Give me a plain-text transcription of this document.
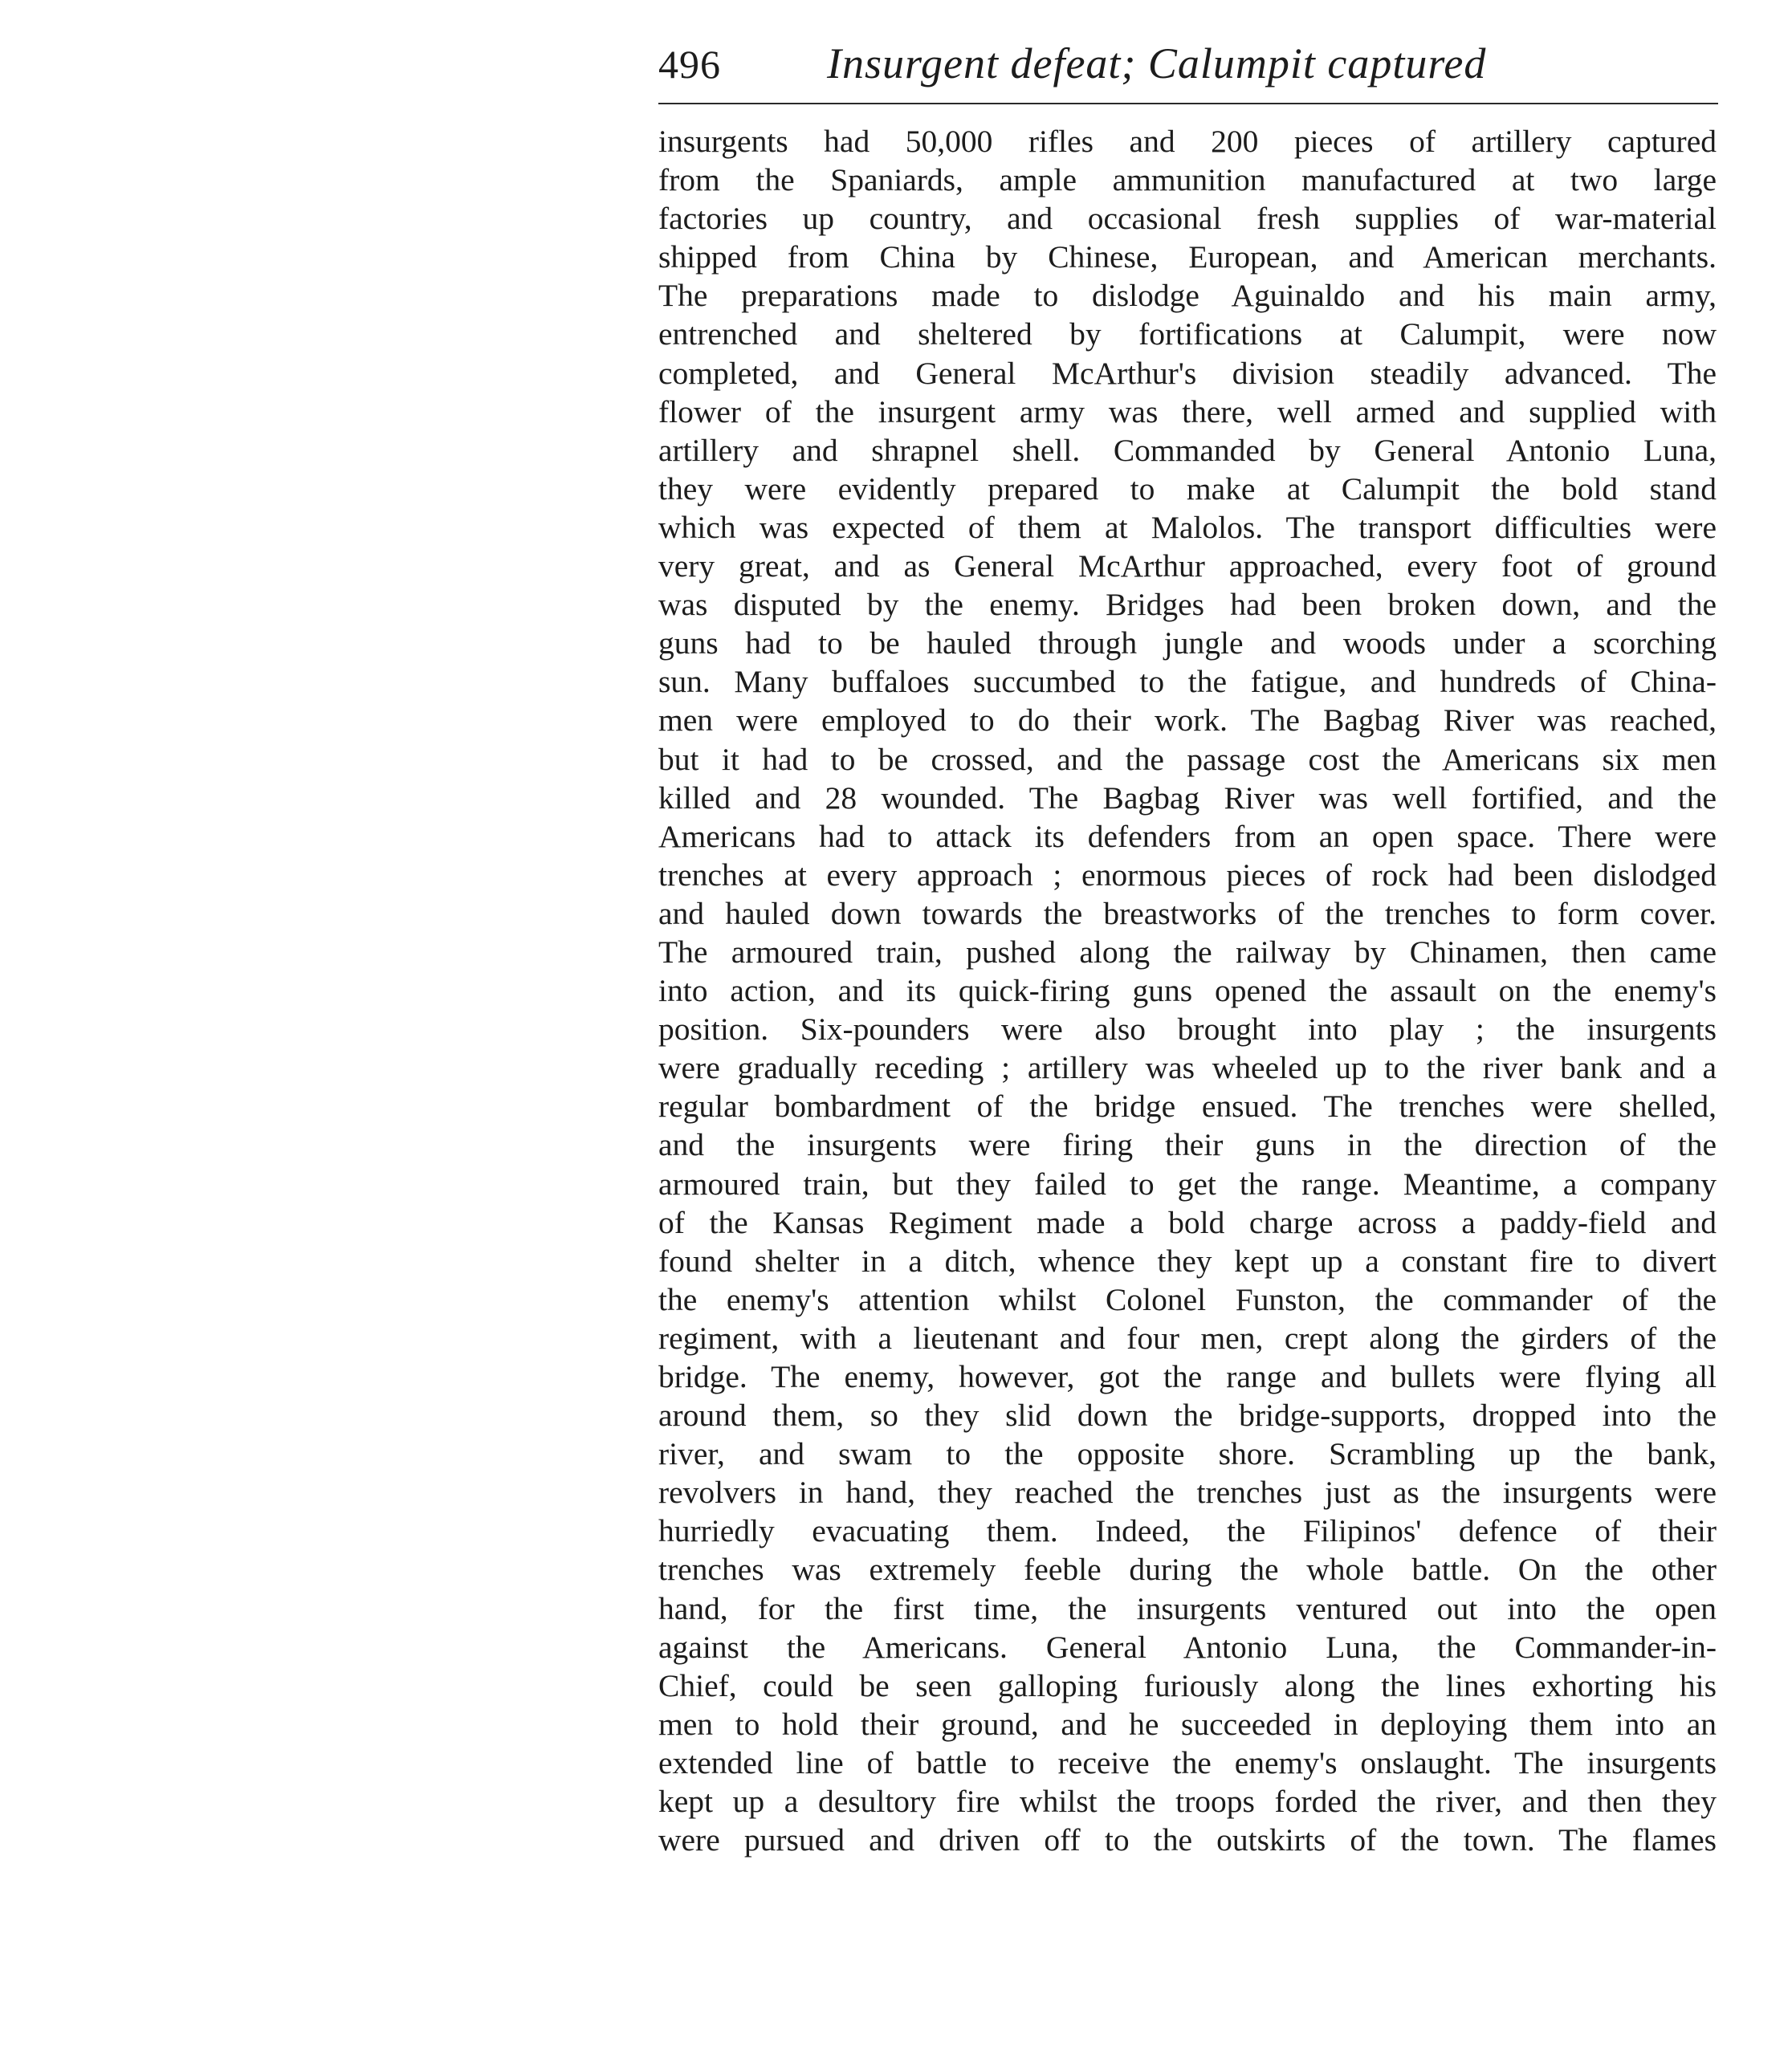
496	Insurgent defeat; Calumpit captured
insurgents had 50,000 rifles and 200 pieces of artillery captured
from the Spaniards, ample ammunition manufactured at two large
factories up country, and occasional fresh supplies of war-material
shipped from China by Chinese, European, and American merchants.
The preparations made to dislodge Aguinaldo and his main army,
entrenched and sheltered by fortifications at Calumpit, were now
completed, and General McArthur's division steadily advanced. The
flower of the insurgent army was there, well armed and supplied with
artillery and shrapnel shell. Commanded by General Antonio Luna,
they were evidently prepared to make at Calumpit the bold stand
which was expected of them at Malolos. The transport difficulties were
very great, and as General McArthur approached, every foot of ground
was disputed by the enemy. Bridges had been broken down, and the
guns had to be hauled through jungle and woods under a scorching
sun. Many buffaloes succumbed to the fatigue, and hundreds of China-
men were employed to do their work. The Bagbag River was reached,
but it had to be crossed, and the passage cost the Americans six men
killed and 28 wounded. The Bagbag River was well fortified, and the
Americans had to attack its defenders from an open space. There were
trenches at every approach ; enormous pieces of rock had been dislodged
and hauled down towards the breastworks of the trenches to form cover.
The armoured train, pushed along the railway by Chinamen, then came
into action, and its quick-firing guns opened the assault on the enemy's
position. Six-pounders were also brought into play ; the insurgents
were gradually receding ; artillery was wheeled up to the river bank and a
regular bombardment of the bridge ensued. The trenches were shelled,
and the insurgents were firing their guns in the direction of the
armoured train, but they failed to get the range. Meantime, a company
of the Kansas Regiment made a bold charge across a paddy-field and
found shelter in a ditch, whence they kept up a constant fire to divert
the enemy's attention whilst Colonel Funston, the commander of the
regiment, with a lieutenant and four men, crept along the girders of the
bridge. The enemy, however, got the range and bullets were flying all
around them, so they slid down the bridge-supports, dropped into the
river, and swam to the opposite shore. Scrambling up the bank,
revolvers in hand, they reached the trenches just as the insurgents were
hurriedly evacuating them. Indeed, the Filipinos' defence of their
trenches was extremely feeble during the whole battle. On the other
hand, for the first time, the insurgents ventured out into the open
against the Americans. General Antonio Luna, the Commander-in-
Chief, could be seen galloping furiously along the lines exhorting his
men to hold their ground, and he succeeded in deploying them into an
extended line of battle to receive the enemy's onslaught. The insurgents
kept up a desultory fire whilst the troops forded the river, and then they
were pursued and driven off to the outskirts of the town. The flames
